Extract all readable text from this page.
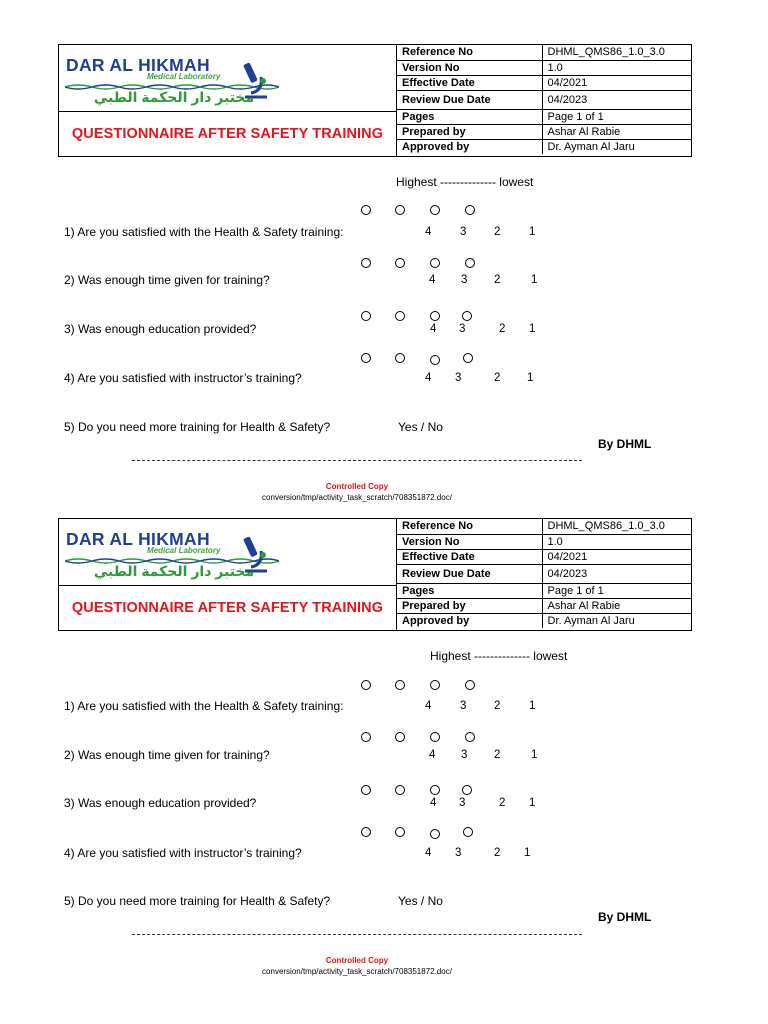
DAR AL HIKMAH
Medical Laboratory
مختبر دار الحكمة الطبي
QUESTIONNAIRE AFTER SAFETY TRAINING
Reference No	DHML_QMS86_1.0_3.0
Version No	1.0
Effective Date	04/2021
Review Due Date	04/2023
Pages	Page 1 of 1
Prepared by	Ashar Al Rabie
Approved by	Dr. Ayman Al Jaru
Highest -------------- lowest
1) Are you satisfied with the Health & Safety training:	4 3 2 1
2) Was enough time given for training?	4 3 2	1
3) Was enough education provided?	4 3	2 1
4) Are you satisfied with instructor’s training?	4 3	2 1
5) Do you need more training for Health & Safety?	Yes / No
By DHML
Controlled Copy
conversion/tmp/activity_task_scratch/708351872.doc/
DAR AL HIKMAH
Medical Laboratory
مختبر دار الحكمة الطبي
QUESTIONNAIRE AFTER SAFETY TRAINING
Reference No	DHML_QMS86_1.0_3.0
Version No	1.0
Effective Date	04/2021
Review Due Date	04/2023
Pages	Page 1 of 1
Prepared by	Ashar Al Rabie
Approved by	Dr. Ayman Al Jaru
Highest -------------- lowest
1) Are you satisfied with the Health & Safety training:	4 3 2 1
2) Was enough time given for training?	4 3 2	1
3) Was enough education provided?	4 3	2 1
4) Are you satisfied with instructor’s training?	4 3	2 1
5) Do you need more training for Health & Safety?	Yes / No
By DHML
Controlled Copy
conversion/tmp/activity_task_scratch/708351872.doc/
